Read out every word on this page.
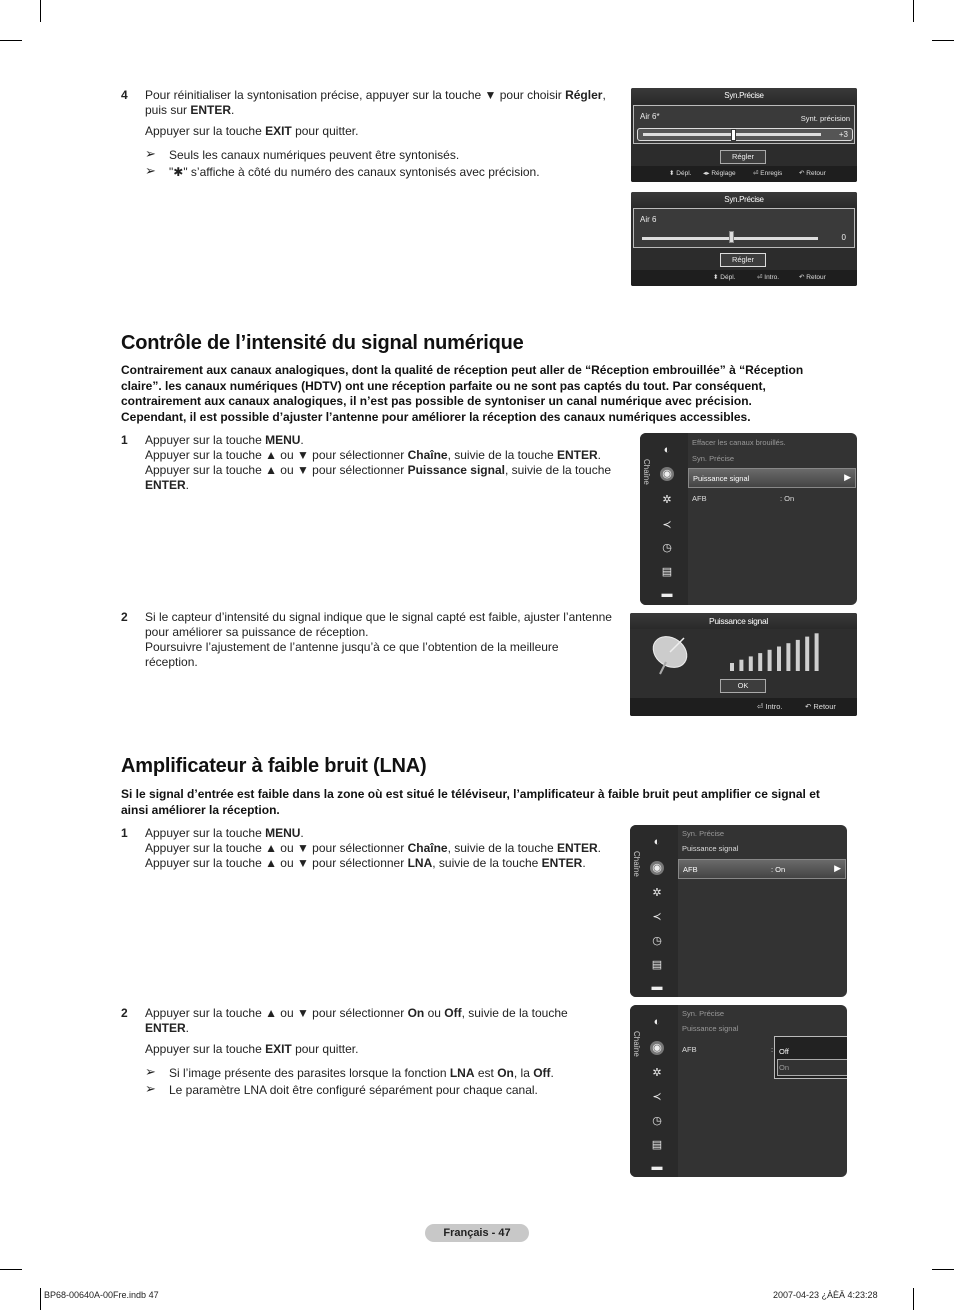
4 Pour réinitialiser la syntonisation précise, appuyer sur la touche ▼ pour choisir Régler,
puis sur ENTER.
Appuyer sur la touche EXIT pour quitter.
➢ Seuls les canaux numériques peuvent être syntonisés.
➢ "✱" s’affiche à côté du numéro des canaux syntonisés avec précision.
Syn.Précise
Air 6*	Synt. précision
+3
Régler
⬍ Dépl. ◂▸ Réglage	⏎ Enregis	↶ Retour
Syn.Précise
Air 6
0
Régler
⬍ Dépl.	⏎ Intro.	↶ Retour
Contrôle de l’intensité du signal numérique
Contrairement aux canaux analogiques, dont la qualité de réception peut aller de “Réception embrouillée” à “Réception
claire”. les canaux numériques (HDTV) ont une réception parfaite ou ne sont pas captés du tout. Par conséquent,
contrairement aux canaux analogiques, il n’est pas possible de syntoniser un canal numérique avec précision.
Cependant, il est possible d’ajuster l’antenne pour améliorer la réception des canaux numériques accessibles.
1 Appuyer sur la touche MENU.
Appuyer sur la touche ▲ ou ▼ pour sélectionner Chaîne, suivie de la touche ENTER.
Appuyer sur la touche ▲ ou ▼ pour sélectionner Puissance signal, suivie de la touche
ENTER.
Chaîne
◐
◉
✲
≺
◷
▤
▬
Effacer les canaux brouillés.
Syn. Précise
Puissance signal	▶
AFB	: On
2 Si le capteur d’intensité du signal indique que le signal capté est faible, ajuster l’antenne
pour améliorer sa puissance de réception.
Poursuivre l’ajustement de l’antenne jusqu’à ce que l’obtention de la meilleure
réception.
Puissance signal
OK
⏎ Intro.	↶ Retour
Amplificateur à faible bruit (LNA)
Si le signal d’entrée est faible dans la zone où est situé le téléviseur, l’amplificateur à faible bruit peut amplifier ce signal et
ainsi améliorer la réception.
1 Appuyer sur la touche MENU.
Appuyer sur la touche ▲ ou ▼ pour sélectionner Chaîne, suivie de la touche ENTER.
Appuyer sur la touche ▲ ou ▼ pour sélectionner LNA, suivie de la touche ENTER.	Chaîne
◐
◉
✲
≺
◷
▤
▬
Syn. Précise
Puissance signal
AFB	: On	▶
2 Appuyer sur la touche ▲ ou ▼ pour sélectionner On ou Off, suivie de la touche
ENTER.
Appuyer sur la touche EXIT pour quitter.
➢ Si l’image présente des parasites lorsque la fonction LNA est On, la Off.
➢ Le paramètre LNA doit être configuré séparément pour chaque canal.
Chaîne
◐
◉
✲
≺
◷
▤
▬
Syn. Précise
Puissance signal
AFB	: Off
On
Français - 47
BP68-00640A-00Fre.indb 47	2007-04-23 ¿ÀÈÄ 4:23:28
